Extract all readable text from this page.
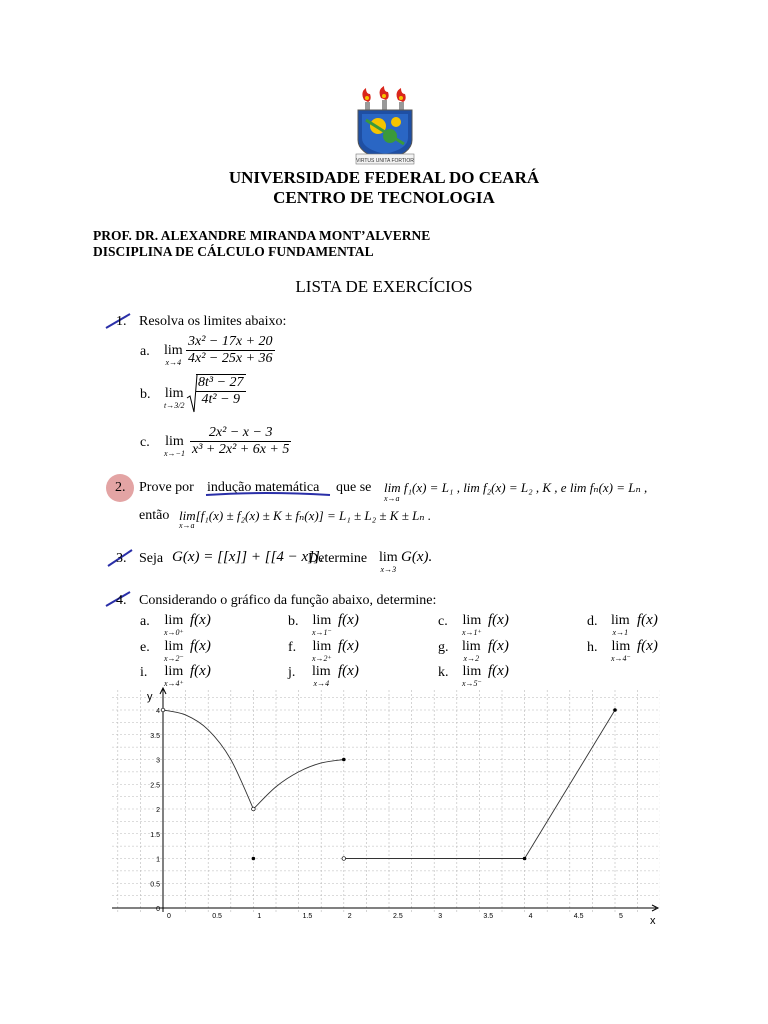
VIRTUS UNITA FORTIOR
UNIVERSIDADE FEDERAL DO CEARÁ
CENTRO DE TECNOLOGIA
PROF. DR. ALEXANDRE MIRANDA MONT’ALVERNE
DISCIPLINA DE CÁLCULO FUNDAMENTAL
LISTA DE EXERCÍCIOS
1. Resolva os limites abaixo:
a. lim
$x\to 4 \frac{\text{3x² − 17x + 20}}{\text{4x² − 25x + 36}}$
b. lim
$t\to 3/2 \frac{\text{8t³ − 27}}{\text{4t² − 9}}$
c. lim
$x\to-1 \frac{\text{2x² − x − 3}}{\text{x³ + 2x² + 6x + 5}}$
2. Prove por indução matemática que se lim f₁(x) = L₁ , lim f₂(x) = L₂ , K , e lim fₙ(x) = Lₙ ,
x→a
então lim[f₁(x) ± f₂(x) ± K ± fₙ(x)] = L₁ ± L₂ ± K ± Lₙ .
x→a
3. Seja G(x) = [[x]] + [[4 − x]].
Determine lim
x→3
G(x).
4. Considerando o gráfico da função abaixo, determine:
a. lim
x→0⁺
f(x)	b. lim
x→1⁻
f(x)	c. lim
x→1⁺
f(x)	d. lim
x→1
f(x)
e. lim
x→2⁻
f(x)	f. lim
x→2⁺
f(x)	g. lim
x→2
f(x)	h. lim
x→4⁻
f(x)
i. lim
x→4⁺
f(x)	j. lim
x→4
f(x)	k. lim
x→5⁻
f(x)
0	0.5	1	1.5	2	2.5	3	3.5	4	4.5	5
0
0.5
1
1.5
2
2.5
3
3.5
4
x
y
